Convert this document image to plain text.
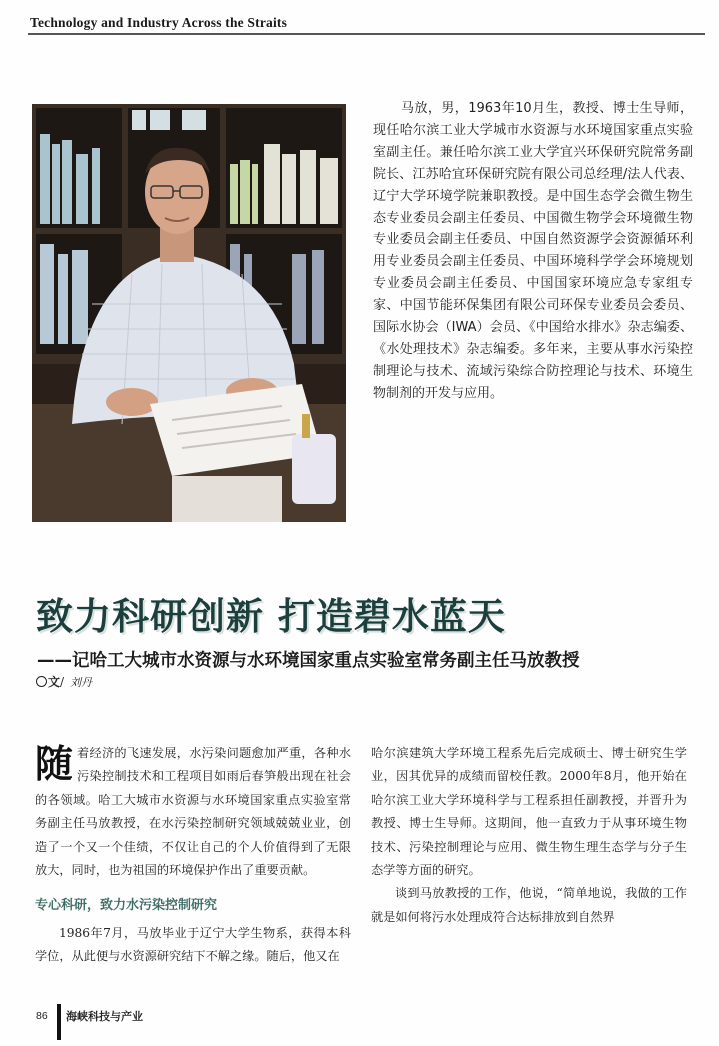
Technology and Industry Across the Straits

马放，男，1963年10月生，教授、博士生导师，现任哈尔滨工业大学城市水资源与水环境国家重点实验室副主任。兼任哈尔滨工业大学宜兴环保研究院常务副院长、江苏哈宜环保研究院有限公司总经理/法人代表、辽宁大学环境学院兼职教授。是中国生态学会微生物生态专业委员会副主任委员、中国微生物学会环境微生物专业委员会副主任委员、中国自然资源学会资源循环利用专业委员会副主任委员、中国环境科学学会环境规划专业委员会副主任委员、中国国家环境应急专家组专家、中国节能环保集团有限公司环保专业委员会委员、国际水协会（IWA）会员、《中国给水排水》杂志编委、《水处理技术》杂志编委。多年来，主要从事水污染控制理论与技术、流域污染综合防控理论与技术、环境生物制剂的开发与应用。

致力科研创新 打造碧水蓝天
——记哈工大城市水资源与水环境国家重点实验室常务副主任马放教授
文/ 刘丹

随着经济的飞速发展，水污染问题愈加严重，各种水污染控制技术和工程项目如雨后春笋般出现在社会的各领域。哈工大城市水资源与水环境国家重点实验室常务副主任马放教授，在水污染控制研究领域兢兢业业，创造了一个又一个佳绩，不仅让自己的个人价值得到了无限放大，同时，也为祖国的环境保护作出了重要贡献。

专心科研，致力水污染控制研究

1986年7月，马放毕业于辽宁大学生物系，获得本科学位，从此便与水资源研究结下不解之缘。随后，他又在

哈尔滨建筑大学环境工程系先后完成硕士、博士研究生学业，因其优异的成绩而留校任教。2000年8月，他开始在哈尔滨工业大学环境科学与工程系担任副教授，并晋升为教授、博士生导师。这期间，他一直致力于从事环境生物技术、污染控制理论与应用、微生物生理生态学与分子生态学等方面的研究。

谈到马放教授的工作，他说，“简单地说，我做的工作就是如何将污水处理成符合达标排放到自然界

86 海峡科技与产业
